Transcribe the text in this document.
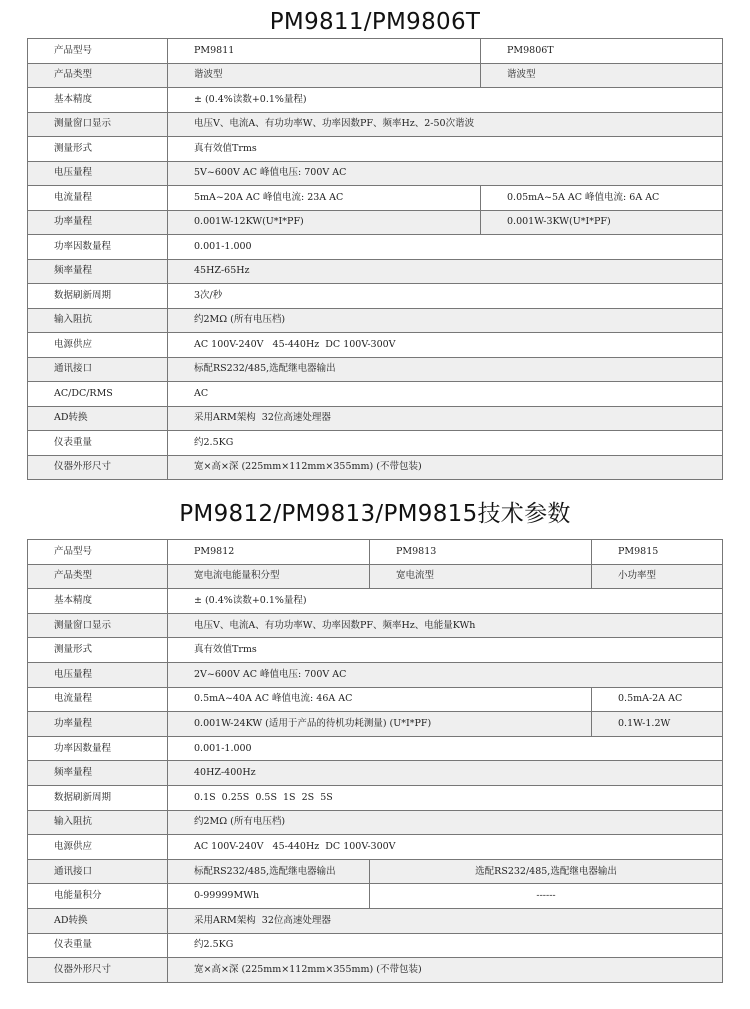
PM9811/PM9806T
产品型号	PM9811	PM9806T
产品类型	谐波型	谐波型
基本精度	± (0.4%读数+0.1%量程)	
测量窗口显示	电压V、电流A、有功功率W、功率因数PF、频率Hz、2-50次谐波	
测量形式	真有效值Trms	
电压量程	5V~600V AC 峰值电压: 700V AC	
电流量程	5mA~20A AC 峰值电流: 23A AC	0.05mA~5A AC 峰值电流: 6A AC
功率量程	0.001W-12KW(U*I*PF)	0.001W-3KW(U*I*PF)
功率因数量程	0.001-1.000	
频率量程	45HZ-65Hz	
数据刷新周期	3次/秒	
输入阻抗	约2MΩ (所有电压档)	
电源供应	AC 100V-240V   45-440Hz  DC 100V-300V	
通讯接口	标配RS232/485,选配继电器输出	
AC/DC/RMS	AC	
AD转换	采用ARM架构  32位高速处理器	
仪表重量	约2.5KG	
仪器外形尺寸	宽×高×深 (225mm×112mm×355mm) (不带包装)	
PM9812/PM9813/PM9815技术参数
产品型号	PM9812	PM9813	PM9815
产品类型	宽电流电能量积分型	宽电流型	小功率型
基本精度	± (0.4%读数+0.1%量程)		
测量窗口显示	电压V、电流A、有功功率W、功率因数PF、频率Hz、电能量KWh		
测量形式	真有效值Trms		
电压量程	2V~600V AC 峰值电压: 700V AC		
电流量程	0.5mA~40A AC 峰值电流: 46A AC		0.5mA-2A AC
功率量程	0.001W-24KW (适用于产品的待机功耗测量) (U*I*PF)		0.1W-1.2W
功率因数量程	0.001-1.000		
频率量程	40HZ-400Hz		
数据刷新周期	0.1S  0.25S  0.5S  1S  2S  5S		
输入阻抗	约2MΩ (所有电压档)		
电源供应	AC 100V-240V   45-440Hz  DC 100V-300V		
通讯接口	标配RS232/485,选配继电器输出	选配RS232/485,选配继电器输出	
电能量积分	0-99999MWh	------	
AD转换	采用ARM架构  32位高速处理器		
仪表重量	约2.5KG		
仪器外形尺寸	宽×高×深 (225mm×112mm×355mm) (不带包装)		
